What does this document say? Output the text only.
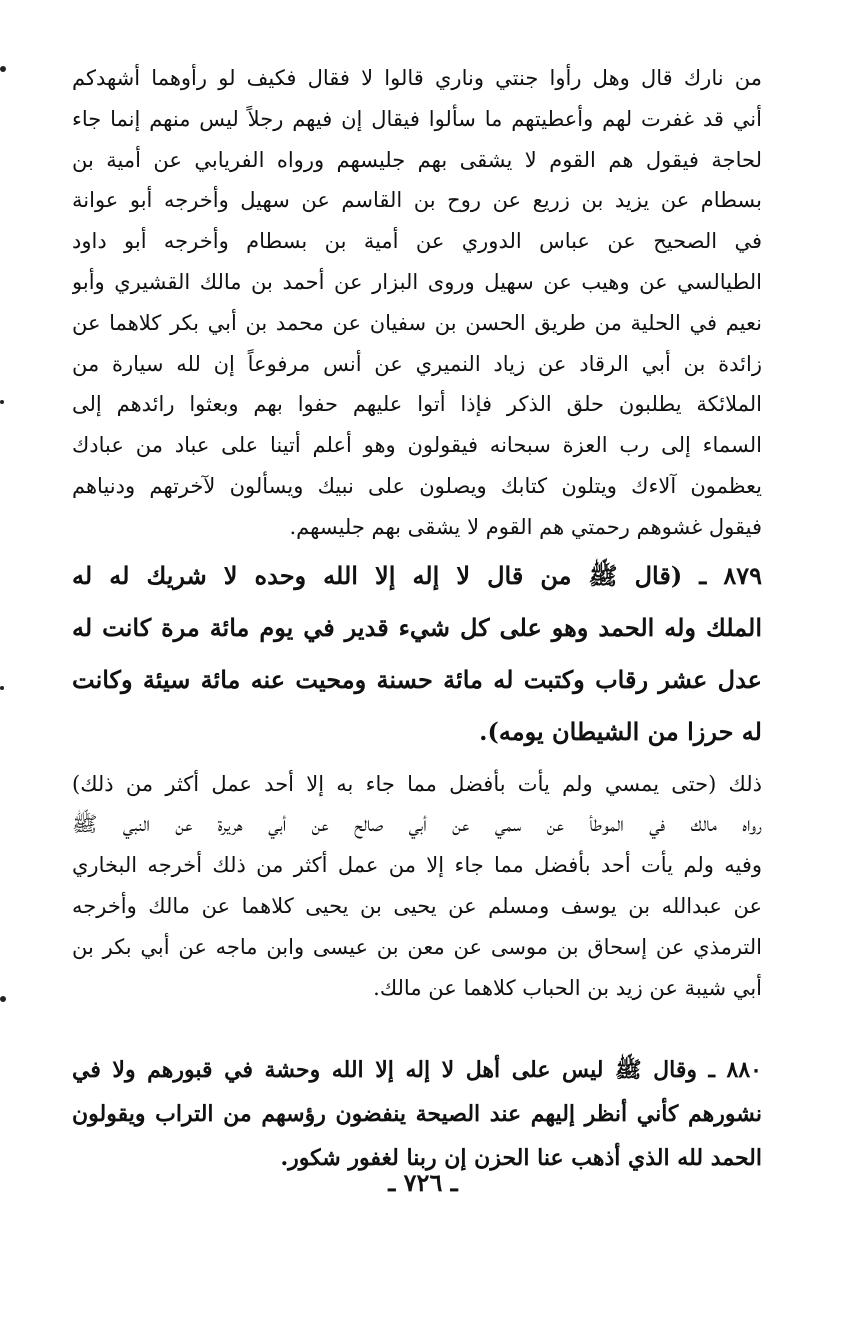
من نارك قال وهل رأوا جنتي وناري قالوا لا فقال فكيف لو رأوهما أشهدكم
أني قد غفرت لهم وأعطيتهم ما سألوا فيقال إن فيهم رجلاً ليس منهم إنما جاء
لحاجة فيقول هم القوم لا يشقى بهم جليسهم ورواه الفريابي عن أمية بن
بسطام عن يزيد بن زريع عن روح بن القاسم عن سهيل وأخرجه أبو عوانة
في الصحيح عن عباس الدوري عن أمية بن بسطام وأخرجه أبو داود
الطيالسي عن وهيب عن سهيل وروى البزار عن أحمد بن مالك القشيري وأبو
نعيم في الحلية من طريق الحسن بن سفيان عن محمد بن أبي بكر كلاهما عن
زائدة بن أبي الرقاد عن زياد النميري عن أنس مرفوعاً إن لله سيارة من
الملائكة يطلبون حلق الذكر فإذا أتوا عليهم حفوا بهم وبعثوا رائدهم إلى
السماء إلى رب العزة سبحانه فيقولون وهو أعلم أتينا على عباد من عبادك
يعظمون آلاءك ويتلون كتابك ويصلون على نبيك ويسألون لآخرتهم ودنياهم
فيقول غشوهم رحمتي هم القوم لا يشقى بهم جليسهم.
٨٧٩ ـ (قال ﷺ من قال لا إله إلا الله وحده لا شريك له له
الملك وله الحمد وهو على كل شيء قدير في يوم مائة مرة كانت له
عدل عشر رقاب وكتبت له مائة حسنة ومحيت عنه مائة سيئة وكانت
له حرزا من الشيطان يومه).
ذلك (حتى يمسي ولم يأت بأفضل مما جاء به إلا أحد عمل أكثر من ذلك)
رواه مالك في الموطأ عن سمي عن أبي صالح عن أبي هريرة عن النبي ﷺ
وفيه ولم يأت أحد بأفضل مما جاء إلا من عمل أكثر من ذلك أخرجه البخاري
عن عبدالله بن يوسف ومسلم عن يحيى بن يحيى كلاهما عن مالك وأخرجه
الترمذي عن إسحاق بن موسى عن معن بن عيسى وابن ماجه عن أبي بكر بن
أبي شيبة عن زيد بن الحباب كلاهما عن مالك.
٨٨٠ ـ وقال ﷺ ليس على أهل لا إله إلا الله وحشة في قبورهم ولا في
نشورهم كأني أنظر إليهم عند الصيحة ينفضون رؤسهم من التراب ويقولون
الحمد لله الذي أذهب عنا الحزن إن ربنا لغفور شكور.
ـ ٧٢٦ ـ
